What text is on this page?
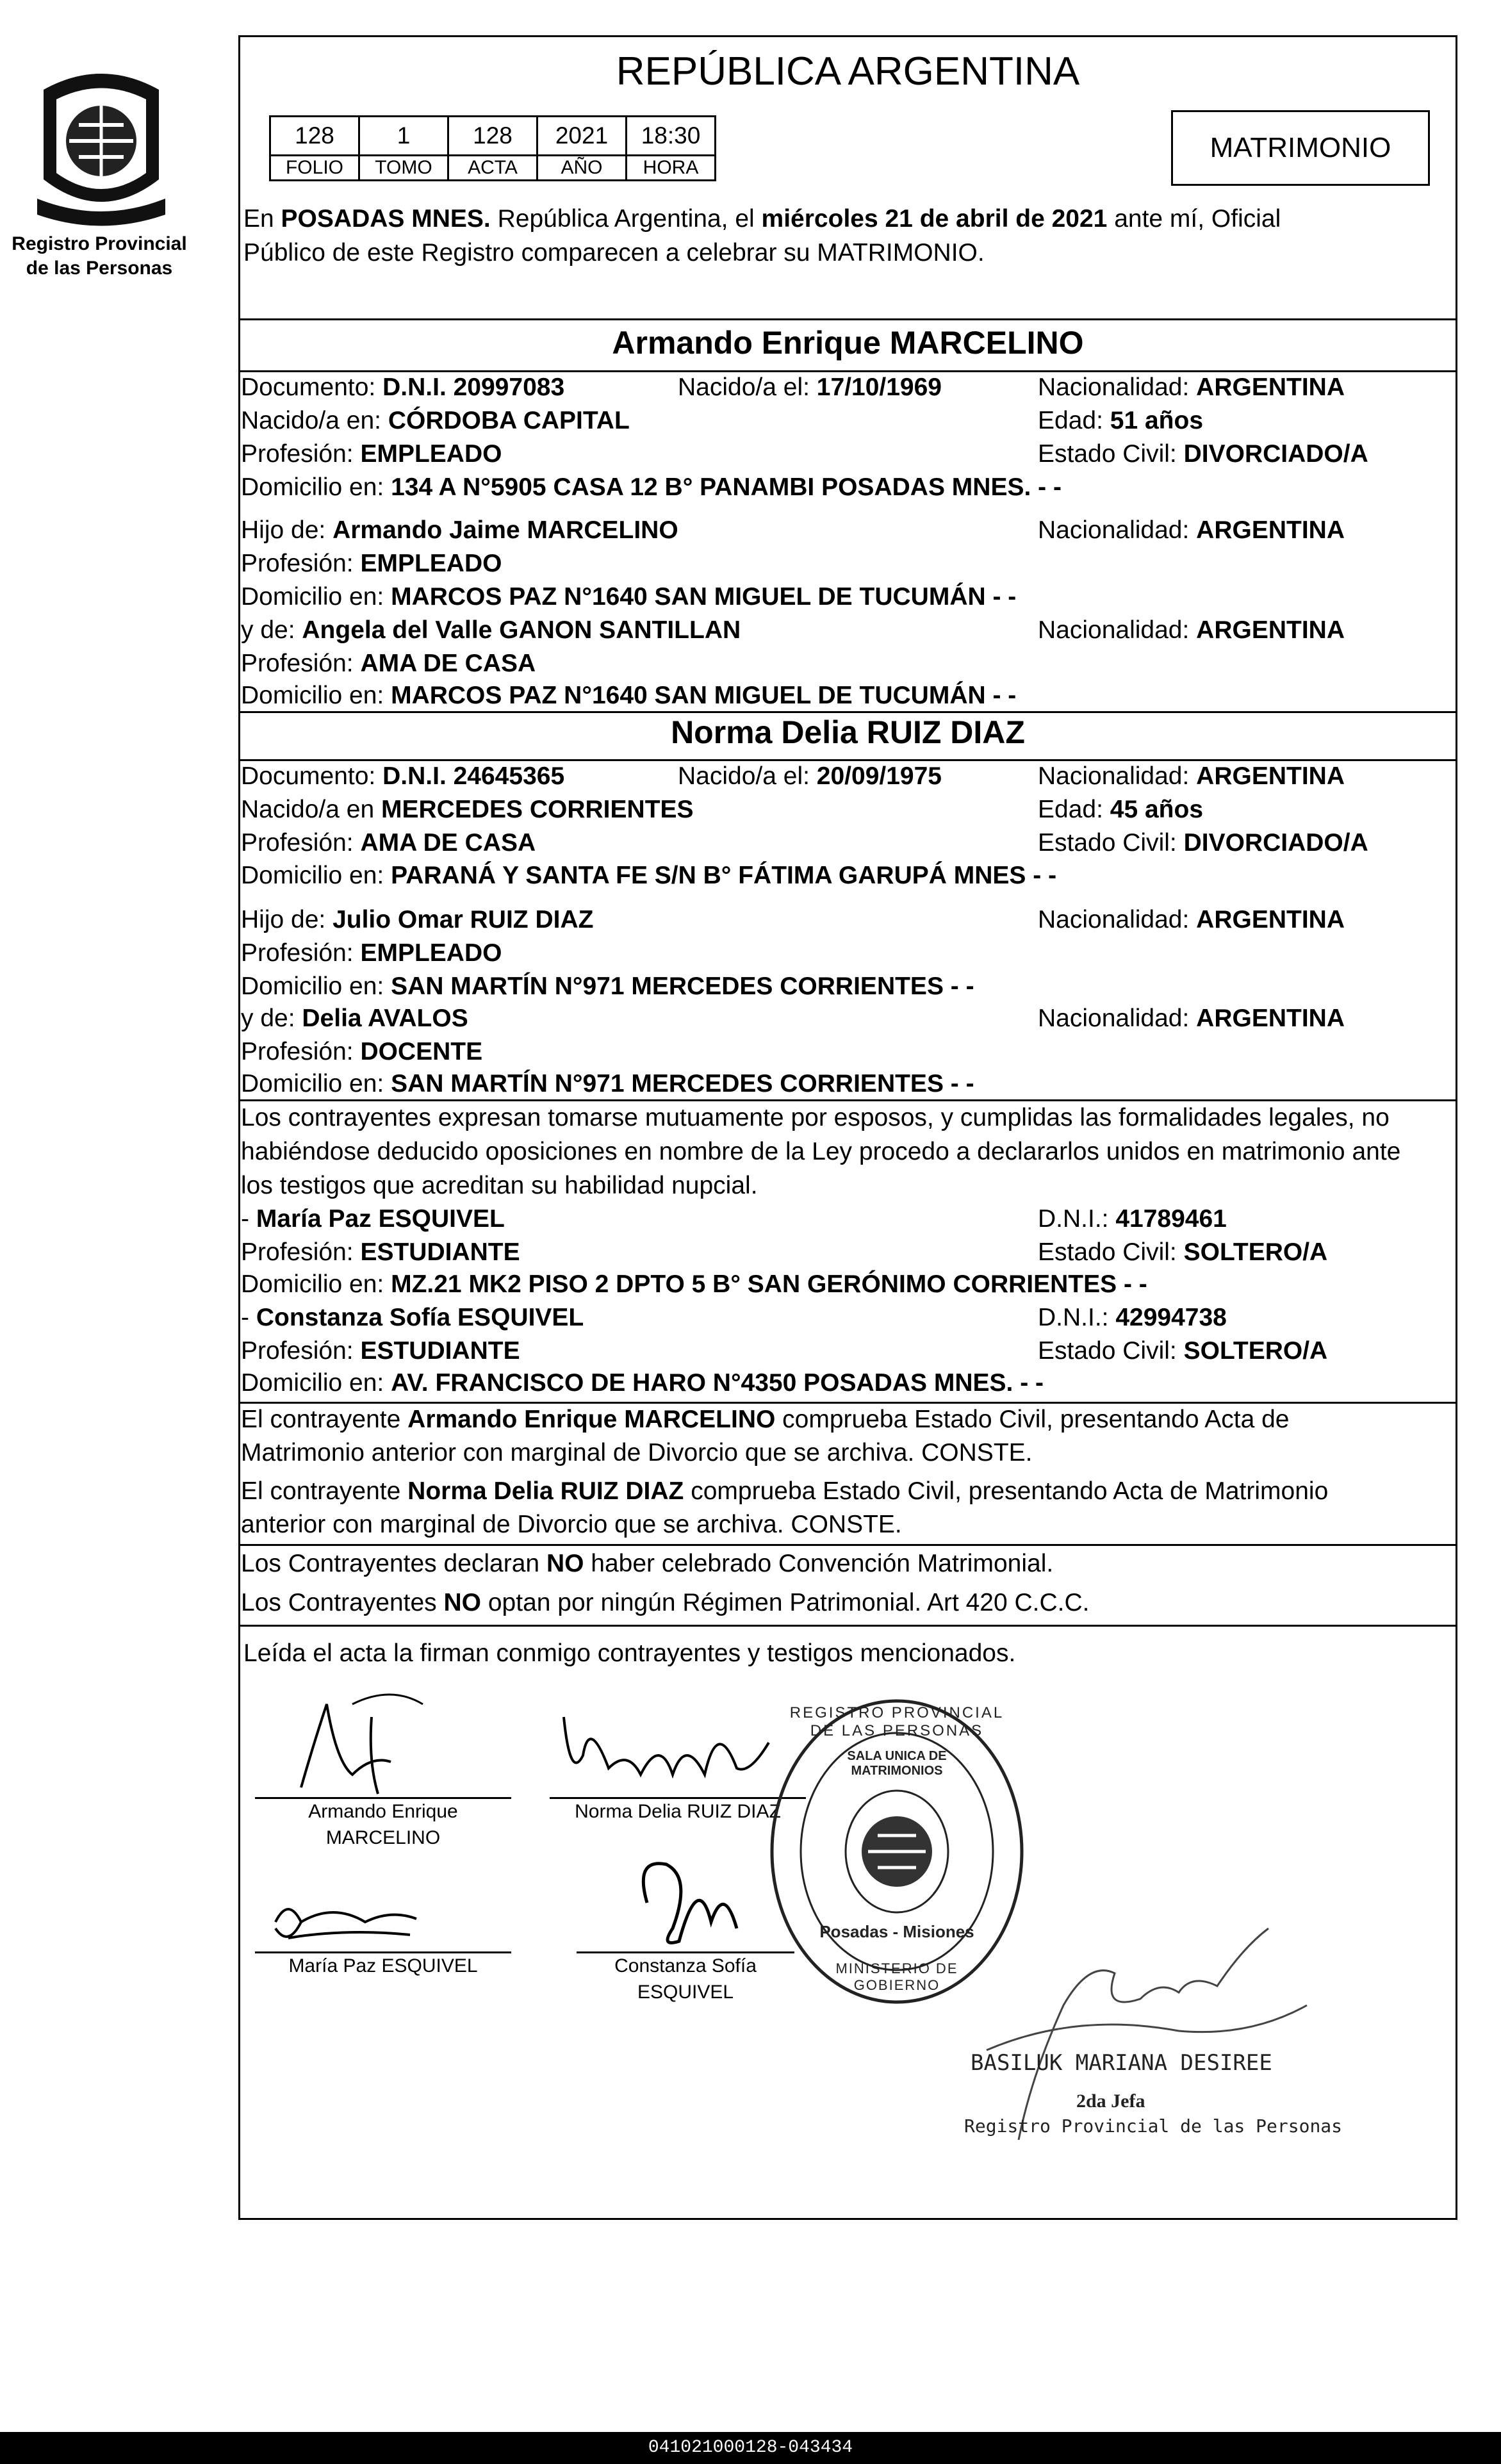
Registro Provincial
de las Personas
REPÚBLICA ARGENTINA
128	1	128	2021	18:30
FOLIO	TOMO	ACTA	AÑO	HORA
MATRIMONIO
En POSADAS MNES. República Argentina, el miércoles 21 de abril de 2021 ante mí, Oficial
Público de este Registro comparecen a celebrar su MATRIMONIO.
Armando Enrique MARCELINO
Documento: D.N.I. 20997083	Nacido/a el: 17/10/1969	Nacionalidad: ARGENTINA
Nacido/a en: CÓRDOBA CAPITAL	Edad: 51 años
Profesión: EMPLEADO	Estado Civil: DIVORCIADO/A
Domicilio en: 134 A N°5905 CASA 12 B° PANAMBI POSADAS MNES. - -
Hijo de: Armando Jaime MARCELINO	Nacionalidad: ARGENTINA
Profesión: EMPLEADO
Domicilio en: MARCOS PAZ N°1640 SAN MIGUEL DE TUCUMÁN - -
y de: Angela del Valle GANON SANTILLAN	Nacionalidad: ARGENTINA
Profesión: AMA DE CASA
Domicilio en: MARCOS PAZ N°1640 SAN MIGUEL DE TUCUMÁN - -
Norma Delia RUIZ DIAZ
Documento: D.N.I. 24645365	Nacido/a el: 20/09/1975	Nacionalidad: ARGENTINA
Nacido/a en MERCEDES CORRIENTES	Edad: 45 años
Profesión: AMA DE CASA	Estado Civil: DIVORCIADO/A
Domicilio en: PARANÁ Y SANTA FE S/N B° FÁTIMA GARUPÁ MNES - -
Hijo de: Julio Omar RUIZ DIAZ	Nacionalidad: ARGENTINA
Profesión: EMPLEADO
Domicilio en: SAN MARTÍN N°971 MERCEDES CORRIENTES - -
y de: Delia AVALOS	Nacionalidad: ARGENTINA
Profesión: DOCENTE
Domicilio en: SAN MARTÍN N°971 MERCEDES CORRIENTES - -
Los contrayentes expresan tomarse mutuamente por esposos, y cumplidas las formalidades legales, no
habiéndose deducido oposiciones en nombre de la Ley procedo a declararlos unidos en matrimonio ante
los testigos que acreditan su habilidad nupcial.
- María Paz ESQUIVEL	D.N.I.: 41789461
Profesión: ESTUDIANTE	Estado Civil: SOLTERO/A
Domicilio en: MZ.21 MK2 PISO 2 DPTO 5 B° SAN GERÓNIMO CORRIENTES - -
- Constanza Sofía ESQUIVEL	D.N.I.: 42994738
Profesión: ESTUDIANTE	Estado Civil: SOLTERO/A
Domicilio en: AV. FRANCISCO DE HARO N°4350 POSADAS MNES. - -
El contrayente Armando Enrique MARCELINO comprueba Estado Civil, presentando Acta de
Matrimonio anterior con marginal de Divorcio que se archiva. CONSTE.
El contrayente Norma Delia RUIZ DIAZ comprueba Estado Civil, presentando Acta de Matrimonio
anterior con marginal de Divorcio que se archiva. CONSTE.
Los Contrayentes declaran NO haber celebrado Convención Matrimonial.
Los Contrayentes NO optan por ningún Régimen Patrimonial. Art 420 C.C.C.
Leída el acta la firman conmigo contrayentes y testigos mencionados.
Armando Enrique
MARCELINO
Norma Delia RUIZ DIAZ
María Paz ESQUIVEL	Constanza Sofía
ESQUIVEL
REGISTRO PROVINCIAL DE LAS PERSONAS
SALA UNICA DE MATRIMONIOS
Posadas - Misiones
MINISTERIO DE GOBIERNO
BASILUK MARIANA DESIREE
2da Jefa
Registro Provincial de las Personas
041021000128-043434
